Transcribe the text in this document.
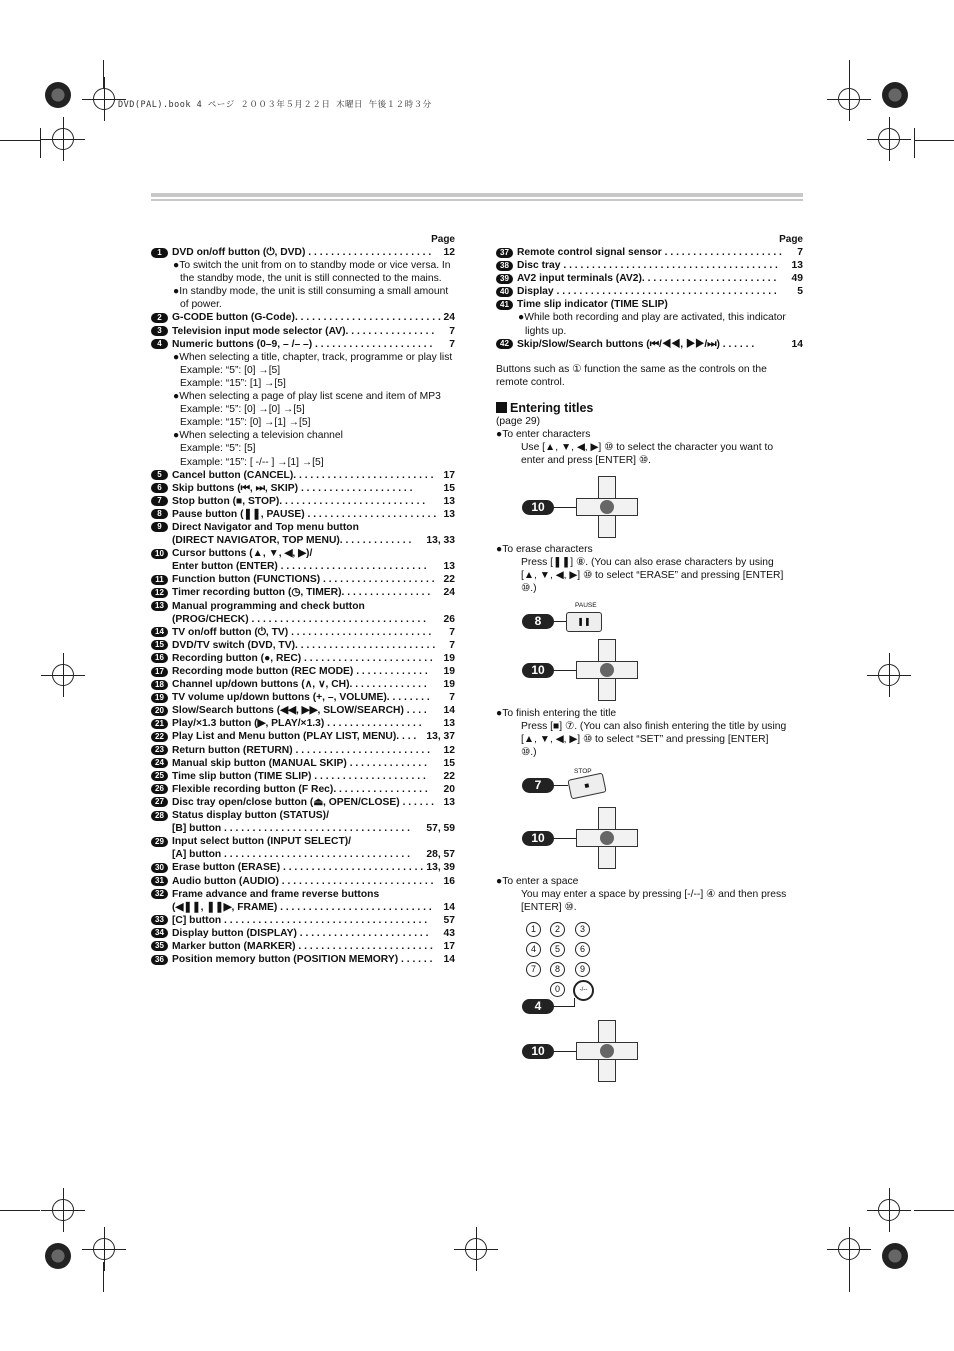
DVD(PAL).book 4 ページ ２００３年５月２２日 木曜日 午後１２時３分
Page
1 DVD on/off button (⏻, DVD) . . . . . . . . . . . . . . . . . . . . . .	12
●To switch the unit from on to standby mode or vice versa. In
the standby mode, the unit is still connected to the mains.
●In standby mode, the unit is still consuming a small amount
of power.
2 G-CODE button (G-Code). . . . . . . . . . . . . . . . . . . . . . . . . . 24
3 Television input mode selector (AV). . . . . . . . . . . . . . . .	7
4 Numeric buttons (0–9, – /– –) . . . . . . . . . . . . . . . . . . . . .	7
●When selecting a title, chapter, track, programme or play list
Example: “5”: [0] →[5]
Example: “15”: [1] →[5]
●When selecting a page of play list scene and item of MP3
Example: “5”: [0] →[0] →[5]
Example: “15”: [0] →[1] →[5]
●When selecting a television channel
Example: “5”: [5]
Example: “15”: [ -/-- ] →[1] →[5]
5 Cancel button (CANCEL). . . . . . . . . . . . . . . . . . . . . . . . . 17
6 Skip buttons (⏮, ⏭, SKIP) . . . . . . . . . . . . . . . . . . . .	15
7 Stop button (■, STOP). . . . . . . . . . . . . . . . . . . . . . . . . .	13
8 Pause button (❚❚, PAUSE) . . . . . . . . . . . . . . . . . . . . . . . 13
9 Direct Navigator and Top menu button
(DIRECT NAVIGATOR, TOP MENU). . . . . . . . . . . . .	13, 33
10 Cursor buttons (▲, ▼, ◀, ▶)/
Enter button (ENTER) . . . . . . . . . . . . . . . . . . . . . . . . . .	13
11 Function button (FUNCTIONS) . . . . . . . . . . . . . . . . . . . . 22
12 Timer recording button (◷, TIMER). . . . . . . . . . . . . . . .	24
13 Manual programming and check button
(PROG/CHECK) . . . . . . . . . . . . . . . . . . . . . . . . . . . . . . .	26
14 TV on/off button (⏻, TV) . . . . . . . . . . . . . . . . . . . . . . . . .	7
15 DVD/TV switch (DVD, TV). . . . . . . . . . . . . . . . . . . . . . . . .	7
16 Recording button (●, REC) . . . . . . . . . . . . . . . . . . . . . . .	19
17 Recording mode button (REC MODE) . . . . . . . . . . . . .	19
18 Channel up/down buttons (∧, ∨, CH). . . . . . . . . . . . . .	19
19 TV volume up/down buttons (+, –, VOLUME). . . . . . . .	7
20 Slow/Search buttons (◀◀, ▶▶, SLOW/SEARCH) . . . .	14
21 Play/×1.3 button (▶, PLAY/×1.3) . . . . . . . . . . . . . . . . .	13
22 Play List and Menu button (PLAY LIST, MENU). . . . 13, 37
23 Return button (RETURN) . . . . . . . . . . . . . . . . . . . . . . . .	12
24 Manual skip button (MANUAL SKIP) . . . . . . . . . . . . . .	15
25 Time slip button (TIME SLIP) . . . . . . . . . . . . . . . . . . . .	22
26 Flexible recording button (F Rec). . . . . . . . . . . . . . . . .	20
27 Disc tray open/close button (⏏, OPEN/CLOSE) . . . . . . 13
28 Status display button (STATUS)/
[B] button . . . . . . . . . . . . . . . . . . . . . . . . . . . . . . . . .	57, 59
29 Input select button (INPUT SELECT)/
[A] button . . . . . . . . . . . . . . . . . . . . . . . . . . . . . . . . .	28, 57
30 Erase button (ERASE) . . . . . . . . . . . . . . . . . . . . . . . . . 13, 39
31 Audio button (AUDIO) . . . . . . . . . . . . . . . . . . . . . . . . . . . 16
32 Frame advance and frame reverse buttons
(◀❚❚, ❚❚▶, FRAME) . . . . . . . . . . . . . . . . . . . . . . . . . . .	14
33 [C] button . . . . . . . . . . . . . . . . . . . . . . . . . . . . . . . . . . . .	57
34 Display button (DISPLAY) . . . . . . . . . . . . . . . . . . . . . . .	43
35 Marker button (MARKER) . . . . . . . . . . . . . . . . . . . . . . . .	17
36 Position memory button (POSITION MEMORY) . . . . . .	14
Page
37 Remote control signal sensor . . . . . . . . . . . . . . . . . . . . .	7
38 Disc tray . . . . . . . . . . . . . . . . . . . . . . . . . . . . . . . . . . . . . .	13
39 AV2 input terminals (AV2). . . . . . . . . . . . . . . . . . . . . . . .	49
40 Display . . . . . . . . . . . . . . . . . . . . . . . . . . . . . . . . . . . . . . .	5
41 Time slip indicator (TIME SLIP)
●While both recording and play are activated, this indicator
lights up.
42 Skip/Slow/Search buttons (⏮/◀◀, ▶▶/⏭) . . . . . .	14
Buttons such as ① function the same as the controls on the
remote control.
Entering titles
(page 29)
●To enter characters
Use [▲, ▼, ◀, ▶] ⑩ to select the character you want to
enter and press [ENTER] ⑩.
10
●To erase characters
Press [❚❚] ⑧. (You can also erase characters by using
[▲, ▼, ◀, ▶] ⑩ to select “ERASE” and pressing [ENTER]
⑩.)
PAUSE
❚❚
8
10
●To finish entering the title
Press [■] ⑦. (You can also finish entering the title by using
[▲, ▼, ◀, ▶] ⑩ to select “SET” and pressing [ENTER]
⑩.)
STOP
■
7
10
●To enter a space
You may enter a space by pressing [-/--] ④ and then press
[ENTER] ⑩.
1	2	3
4	5	6
7	8	9
0	-/--
4
10
